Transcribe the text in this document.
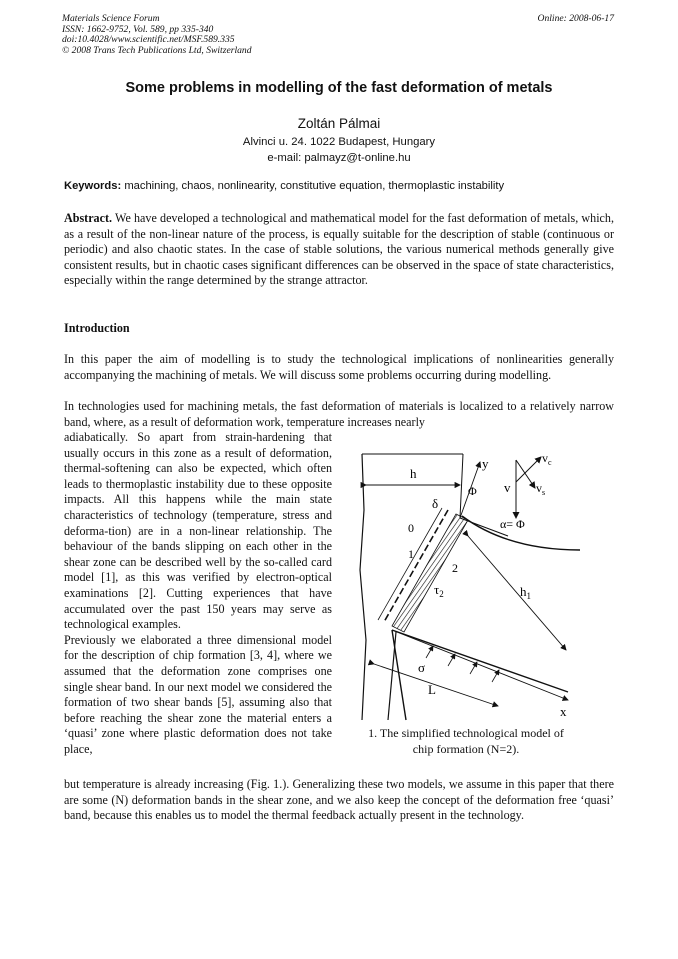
Materials Science Forum
ISSN: 1662-9752, Vol. 589, pp 335-340
doi:10.4028/www.scientific.net/MSF.589.335
© 2008 Trans Tech Publications Ltd, Switzerland
Online: 2008-06-17
Some problems in modelling of the fast deformation of metals
Zoltán Pálmai
Alvinci u. 24. 1022 Budapest, Hungary
e-mail: palmayz@t-online.hu
Keywords: machining, chaos, nonlinearity, constitutive equation, thermoplastic instability
Abstract. We have developed a technological and mathematical model for the fast deformation of metals, which, as a result of the non-linear nature of the process, is equally suitable for the description of stable (continuous or periodic) and also chaotic states. In the case of stable solutions, the various numerical methods generally give consistent results, but in chaotic cases significant differences can be observed in the space of state characteristics, especially within the range determined by the strange attractor.
Introduction
In this paper the aim of modelling is to study the technological implications of nonlinearities generally accompanying the machining of metals. We will discuss some problems occurring during modelling.
In technologies used for machining metals, the fast deformation of materials is localized to a relatively narrow band, where, as a result of deformation work, temperature increases nearly

adiabatically. So apart from strain-hardening that usually occurs in this zone as a result of deformation, thermal-softening can also be expected, which often leads to thermoplastic instability due to these opposite impacts. All this happens while the main state characteristics of technology (temperature, stress and deforma-tion) are in a non-linear relationship. The behaviour of the bands slipping on each other in the shear zone can be described well by the so-called card model [1], as this was verified by electron-optical examinations [2]. Cutting experiences that have accumulated over the past 150 years may serve as technological examples.

Previously we elaborated a three dimensional model for the description of chip formation [3, 4], where we assumed that the deformation zone comprises one single shear band. In our next model we considered the formation of two shear bands [5], assuming also that before reaching the shear zone the material enters a ‘quasi’ zone where plastic deformation does not take place,

but temperature is already increasing (Fig. 1.). Generalizing these two models, we assume in this paper that there are some (N) deformation bands in the shear zone, and we also keep the concept of the deformation free ‘quasi’ band, because this enables us to model the thermal feedback actually present in the technology.
h
y
Φ v
$v_c$
$v_s$
α= Φ
δ
0
1
2
$\tau_2$	$h_1$
L
σ
x
1. The simplified technological model of
chip formation (N=2).
